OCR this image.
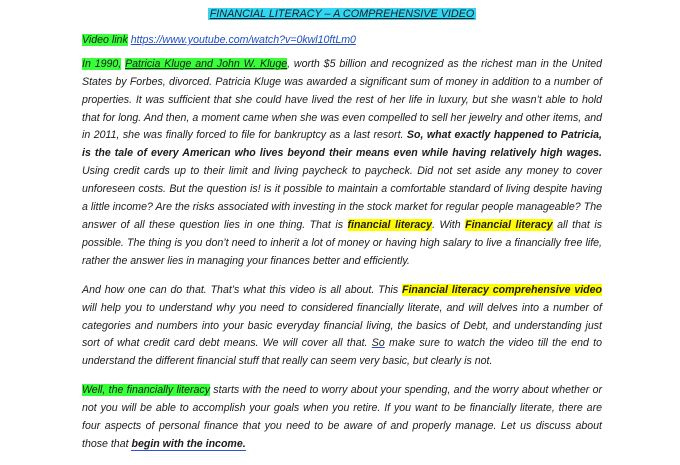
FINANCIAL LITERACY – A COMPREHENSIVE VIDEO
Video link https://www.youtube.com/watch?v=0kwl10ftLm0

In 1990, Patricia Kluge and John W. Kluge, worth $5 billion and recognized as the richest man in the United States by Forbes, divorced. Patricia Kluge was awarded a significant sum of money in addition to a number of properties. It was sufficient that she could have lived the rest of her life in luxury, but she wasn’t able to hold that for long. And then, a moment came when she was even compelled to sell her jewelry and other items, and in 2011, she was finally forced to file for bankruptcy as a last resort. So, what exactly happened to Patricia, is the tale of every American who lives beyond their means even while having relatively high wages. Using credit cards up to their limit and living paycheck to paycheck. Did not set aside any money to cover unforeseen costs. But the question is! is it possible to maintain a comfortable standard of living despite having a little income? Are the risks associated with investing in the stock market for regular people manageable? The answer of all these question lies in one thing. That is financial literacy. With Financial literacy all that is possible. The thing is you don’t need to inherit a lot of money or having high salary to live a financially free life, rather the answer lies in managing your finances better and efficiently.

And how one can do that. That’s what this video is all about. This Financial literacy comprehensive video will help you to understand why you need to considered financially literate, and will delves into a number of categories and numbers into your basic everyday financial living, the basics of Debt, and understanding just sort of what credit card debt means. We will cover all that. So make sure to watch the video till the end to understand the different financial stuff that really can seem very basic, but clearly is not.

Well, the financially literacy starts with the need to worry about your spending, and the worry about whether or not you will be able to accomplish your goals when you retire. If you want to be financially literate, there are four aspects of personal finance that you need to be aware of and properly manage. Let us discuss about those that begin with the income.
